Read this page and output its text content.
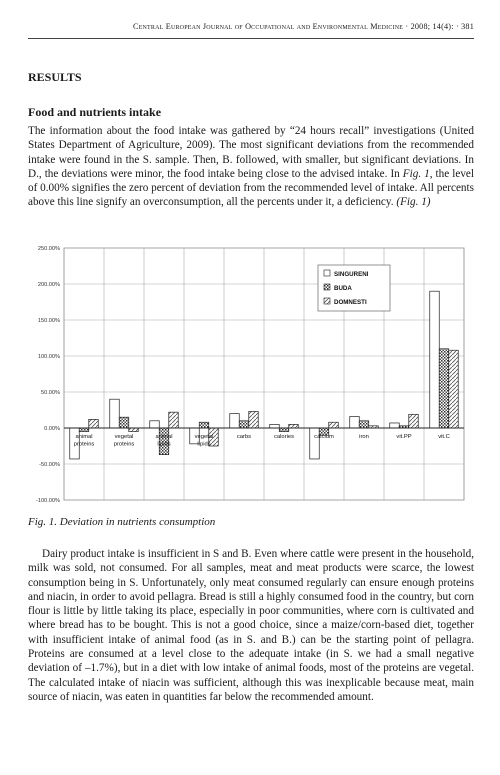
Central European Journal of Occupational and Environmental Medicine · 2008; 14(4): · 381
RESULTS
Food and nutrients intake

The information about the food intake was gathered by “24 hours recall” investigations (United States Department of Agriculture, 2009). The most significant deviations from the recommended intake were found in the S. sample. Then, B. followed, with smaller, but significant deviations. In D., the deviations were minor, the food intake being close to the advised intake. In Fig. 1, the level of 0.00% signifies the zero percent of deviation from the recommended level of intake. All percents above this line signify an overconsumption, all the percents under it, a deficiency. (Fig. 1)

-100.00%
-50.00%
0.00%
50.00%
100.00%
150.00%
200.00%
250.00%
animal
proteins
vegetal
proteins
animal
lipids
vegetal
lipids
carbs	calories	calcium	iron	vit.PP	vit.C
SINGURENI
BUDA
DOMNESTI
Fig. 1. Deviation in nutrients consumption

Dairy product intake is insufficient in S and B. Even where cattle were present in the household, milk was sold, not consumed. For all samples, meat and meat products were scarce, the lowest consumption being in S. Unfortunately, only meat consumed regularly can ensure enough proteins and niacin, in order to avoid pellagra. Bread is still a highly consumed food in the country, but corn flour is little by little taking its place, especially in poor communities, where corn is cultivated and where bread has to be bought. This is not a good choice, since a maize/corn-based diet, together with insufficient intake of animal food (as in S. and B.) can be the starting point of pellagra. Proteins are consumed at a level close to the adequate intake (in S. we had a small negative deviation of –1.7%), but in a diet with low intake of animal foods, most of the proteins are vegetal. The calculated intake of niacin was sufficient, although this was inexplicable because meat, main source of niacin, was eaten in quantities far below the recommended amount.
